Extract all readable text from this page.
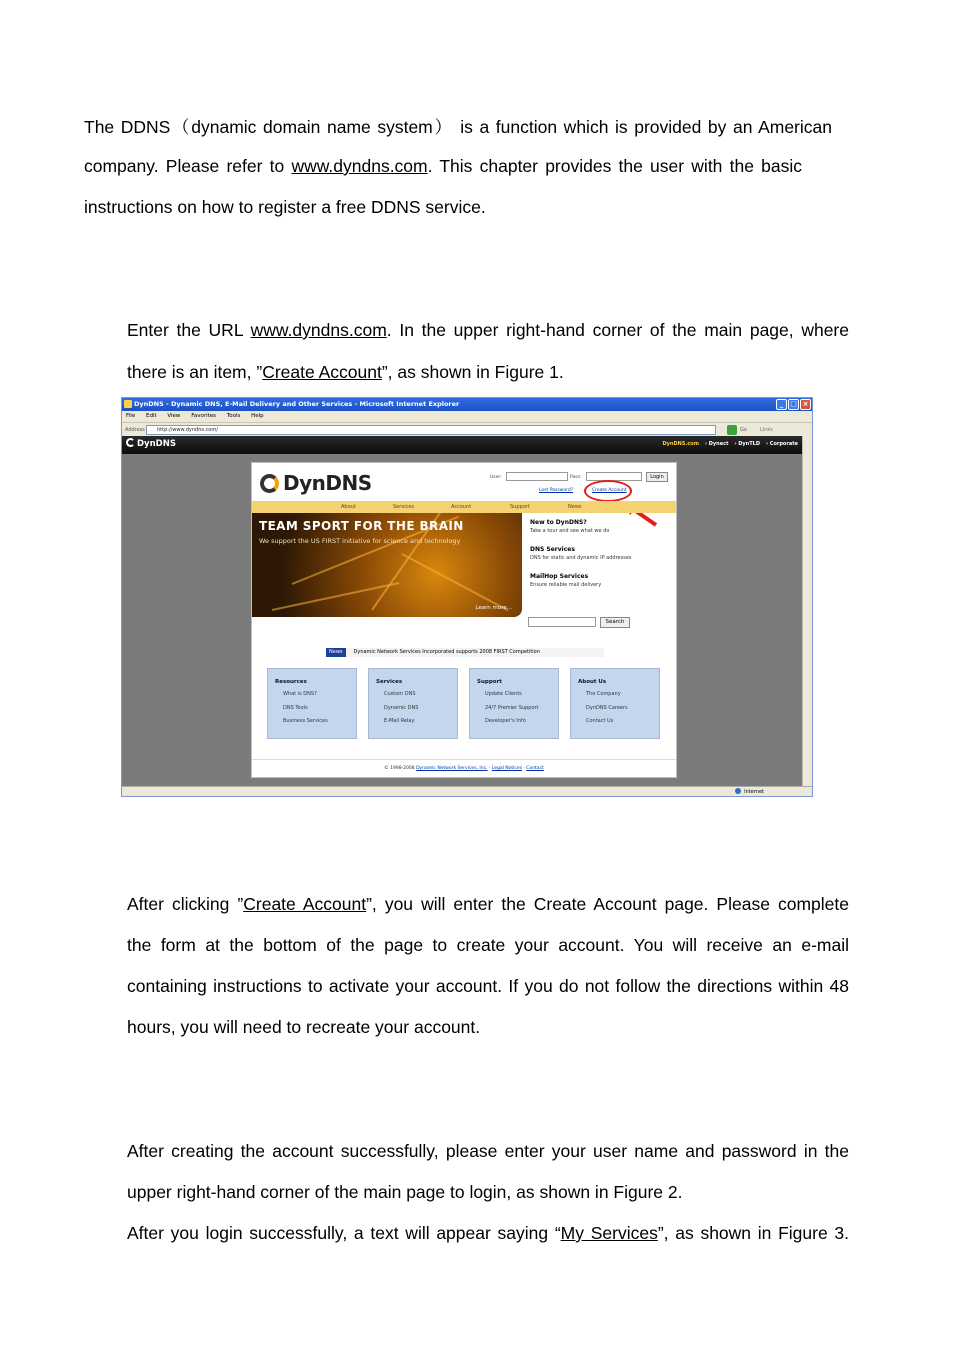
The DDNS（dynamic domain name system） is a function which is provided by an American
company. Please refer to www.dyndns.com. This chapter provides the user with the basic
instructions on how to register a free DDNS service.
Enter the URL www.dyndns.com. In the upper right-hand corner of the main page, where
there is an item, ”Create Account”, as shown in Figure 1.
DynDNS - Dynamic DNS, E-Mail Delivery and Other Services - Microsoft Internet Explorer	_ □ ×
File Edit View Favorites Tools Help
Address	http://www.dyndns.com/	Go	Links
DynDNS	DynDNS.com › Dynect › DynTLD › Corporate
DynDNS	User:	Pass:	Login
Lost Password?	Create Account
About	Services	Account	Support	News
TEAM SPORT FOR THE BRAIN
We support the US FIRST initiative for science and technology
Learn more...
New to DynDNS?
Take a tour and see what we do
DNS Services
DNS for static and dynamic IP addresses
MailHop Services
Ensure reliable mail delivery
Search
News Dynamic Network Services Incorporated supports 2008 FIRST Competition
Resources
What is DNS?
DNS Tools
Business Services
Services
Custom DNS
Dynamic DNS
E-Mail Relay
Support
Update Clients
24/7 Premier Support
Developer's Info
About Us
The Company
DynDNS Careers
Contact Us
© 1998-2008 Dynamic Network Services, Inc. · Legal Notices · Contact
Internet
After clicking ”Create Account”, you will enter the Create Account page. Please complete
the form at the bottom of the page to create your account. You will receive an e-mail
containing instructions to activate your account. If you do not follow the directions within 48
hours, you will need to recreate your account.
After creating the account successfully, please enter your user name and password in the
upper right-hand corner of the main page to login, as shown in Figure 2.
After you login successfully, a text will appear saying “My Services”, as shown in Figure 3.
